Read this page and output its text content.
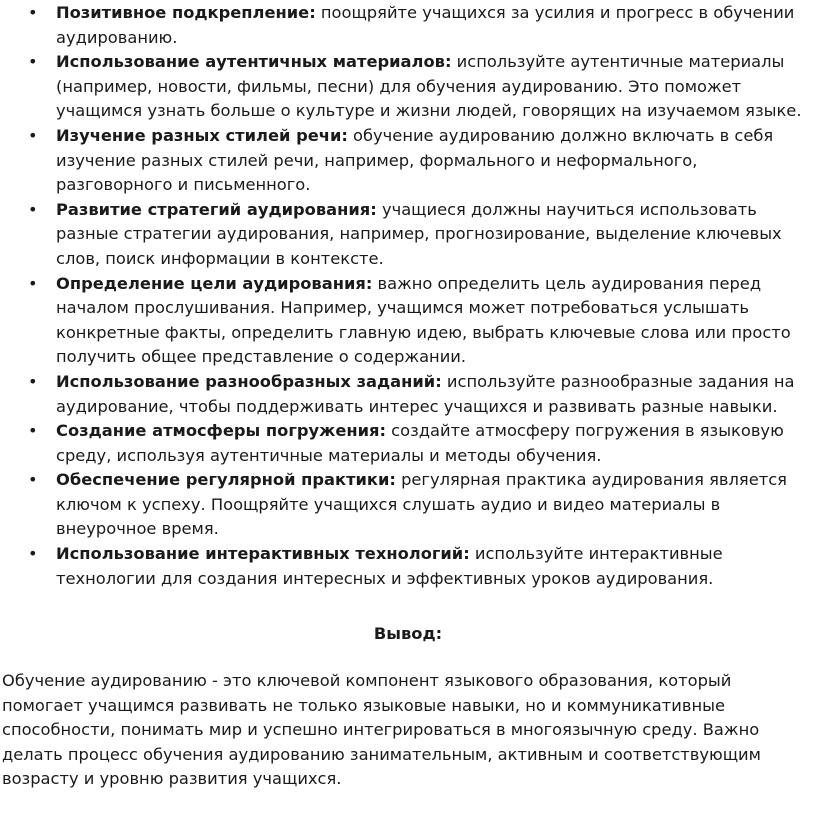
• Позитивное подкрепление: поощряйте учащихся за усилия и прогресс в обучении аудированию.
• Использование аутентичных материалов: используйте аутентичные материалы (например, новости, фильмы, песни) для обучения аудированию. Это поможет учащимся узнать больше о культуре и жизни людей, говорящих на изучаемом языке.
• Изучение разных стилей речи: обучение аудированию должно включать в себя изучение разных стилей речи, например, формального и неформального, разговорного и письменного.
• Развитие стратегий аудирования: учащиеся должны научиться использовать разные стратегии аудирования, например, прогнозирование, выделение ключевых слов, поиск информации в контексте.
• Определение цели аудирования: важно определить цель аудирования перед началом прослушивания. Например, учащимся может потребоваться услышать конкретные факты, определить главную идею, выбрать ключевые слова или просто получить общее представление о содержании.
• Использование разнообразных заданий: используйте разнообразные задания на аудирование, чтобы поддерживать интерес учащихся и развивать разные навыки.
• Создание атмосферы погружения: создайте атмосферу погружения в языковую среду, используя аутентичные материалы и методы обучения.
• Обеспечение регулярной практики: регулярная практика аудирования является ключом к успеху. Поощряйте учащихся слушать аудио и видео материалы в внеурочное время.
• Использование интерактивных технологий: используйте интерактивные технологии для создания интересных и эффективных уроков аудирования.
Вывод:

Обучение аудированию - это ключевой компонент языкового образования, который помогает учащимся развивать не только языковые навыки, но и коммуникативные способности, понимать мир и успешно интегрироваться в многоязычную среду. Важно делать процесс обучения аудированию занимательным, активным и соответствующим возрасту и уровню развития учащихся.
